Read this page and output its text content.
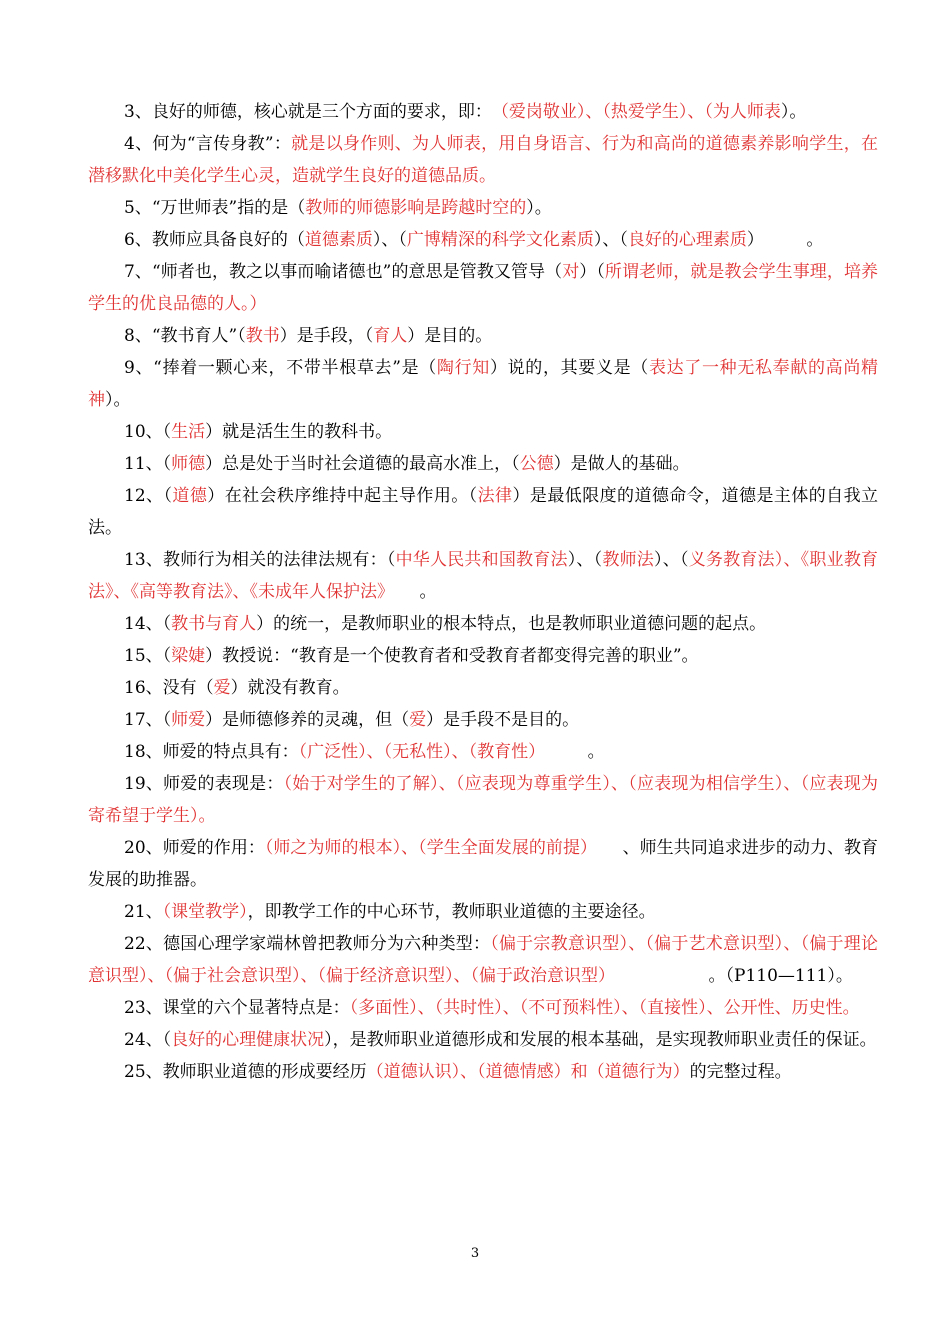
3、良好的师德，核心就是三个方面的要求，即：　（爱岗敬业）、（热爱学生）、（为人师表）。

4、何为“言传身教”：就是以身作则、为人师表，用自身语言、行为和高尚的道德素养影响学生，在潜移默化中美化学生心灵，造就学生良好的道德品质。

5、“万世师表”指的是（教师的师德影响是跨越时空的）。

6、教师应具备良好的（道德素质）、（广博精深的科学文化素质）、（良好的心理素质）　　　。

7、“师者也，教之以事而喻诸德也”的意思是管教又管导（对）（所谓老师，就是教会学生事理，培养学生的优良品德的人。）

8、“教书育人”（教书）是手段，（育人）是目的。

9、“捧着一颗心来，不带半根草去”是（陶行知）说的，其要义是（表达了一种无私奉献的高尚精神）。

10、（生活）就是活生生的教科书。

11、（师德）总是处于当时社会道德的最高水准上，（公德）是做人的基础。

12、（道德）在社会秩序维持中起主导作用。（法律）是最低限度的道德命令，道德是主体的自我立法。

13、教师行为相关的法律法规有：（中华人民共和国教育法）、（教师法）、（义务教育法）、《职业教育法》、《高等教育法》、《未成年人保护法》　　。

14、（教书与育人）的统一，是教师职业的根本特点，也是教师职业道德问题的起点。

15、（梁婕）教授说：“教育是一个使教育者和受教育者都变得完善的职业”。

16、没有（爱）就没有教育。

17、（师爱）是师德修养的灵魂，但（爱）是手段不是目的。

18、师爱的特点具有：（广泛性）、（无私性）、（教育性）　　　。

19、师爱的表现是：（始于对学生的了解）、（应表现为尊重学生）、（应表现为相信学生）、（应表现为寄希望于学生）。

20、师爱的作用：（师之为师的根本）、（学生全面发展的前提）　　、师生共同追求进步的动力、教育发展的助推器。

21、（课堂教学），即教学工作的中心环节，教师职业道德的主要途径。

22、德国心理学家端林曾把教师分为六种类型：（偏于宗教意识型）、（偏于艺术意识型）、（偏于理论意识型）、（偏于社会意识型）、（偏于经济意识型）、（偏于政治意识型）　　　　　　。（P110—111）。

23、课堂的六个显著特点是：（多面性）、（共时性）、（不可预料性）、（直接性）、公开性、历史性。

24、（良好的心理健康状况），是教师职业道德形成和发展的根本基础，是实现教师职业责任的保证。

25、教师职业道德的形成要经历（道德认识）、（道德情感）和（道德行为）的完整过程。

3
